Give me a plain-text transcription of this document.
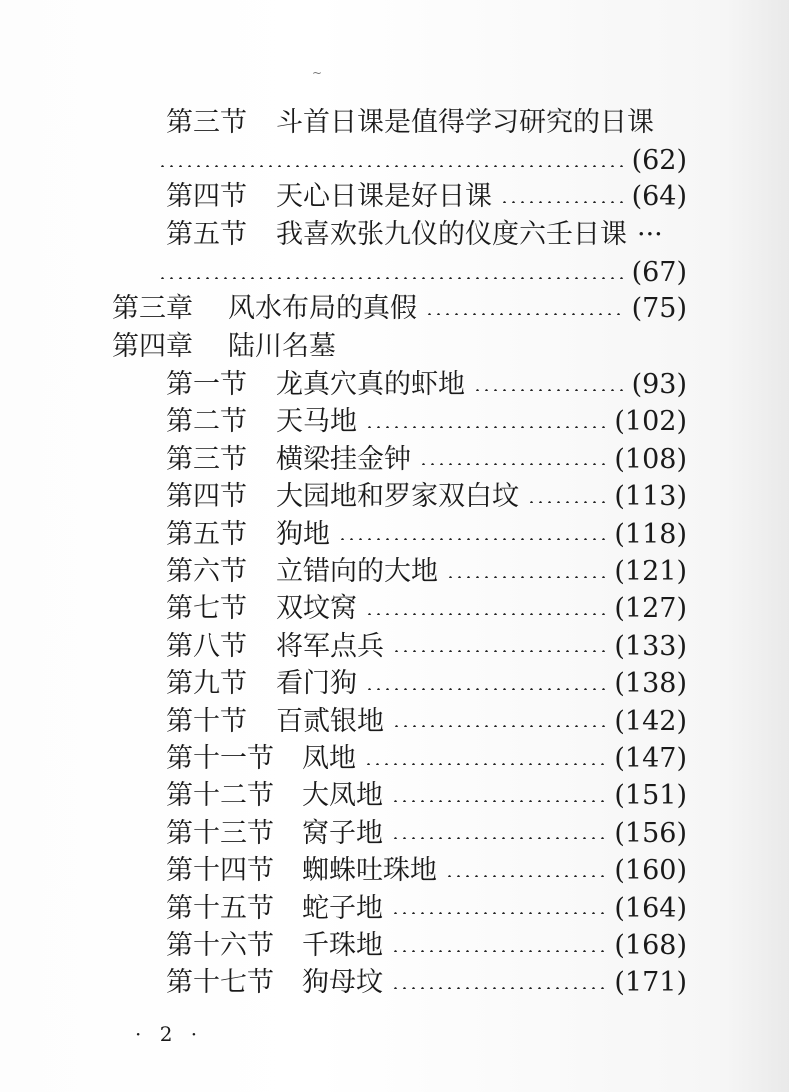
~
第三节	斗首日课是值得学习研究的日课
(62)
第四节	天心日课是好日课	(64)
第五节	我喜欢张九仪的仪度六壬日课 ···
(67)
第三章	风水布局的真假	(75)
第四章	陆川名墓
第一节	龙真穴真的虾地	(93)
第二节	天马地	(102)
第三节	横梁挂金钟	(108)
第四节	大园地和罗家双白坟	(113)
第五节	狗地	(118)
第六节	立错向的大地	(121)
第七节	双坟窝	(127)
第八节	将军点兵	(133)
第九节	看门狗	(138)
第十节	百贰银地	(142)
第十一节	凤地	(147)
第十二节	大凤地	(151)
第十三节	窝子地	(156)
第十四节	蜘蛛吐珠地	(160)
第十五节	蛇子地	(164)
第十六节	千珠地	(168)
第十七节	狗母坟	(171)
· 2 ·
